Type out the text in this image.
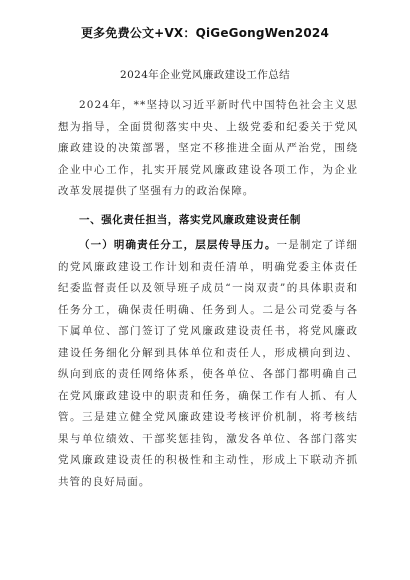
更多免费公文+VX：QiGeGongWen2024
2024年企业党风廉政建设工作总结

2024年，**坚持以习近平新时代中国特色社会主义思想为指导，全面贯彻落实中央、上级党委和纪委关于党风廉政建设的决策部署，坚定不移推进全面从严治党，围绕企业中心工作，扎实开展党风廉政建设各项工作，为企业改革发展提供了坚强有力的政治保障。

一、强化责任担当，落实党风廉政建设责任制

（一）明确责任分工，层层传导压力。一是制定了详细的党风廉政建设工作计划和责任清单，明确党委主体责任纪委监督责任以及领导班子成员“一岗双责”的具体职责和任务分工，确保责任明确、任务到人。二是公司党委与各下属单位、部门签订了党风廉政建设责任书，将党风廉政建设任务细化分解到具体单位和责任人，形成横向到边、纵向到底的责任网络体系，使各单位、各部门都明确自己在党风廉政建设中的职责和任务，确保工作有人抓、有人管。三是建立健全党风廉政建设考核评价机制，将考核结果与单位绩效、干部奖惩挂钩，激发各单位、各部门落实党风廉政建设责任的积极性和主动性，形成上下联动齐抓共管的良好局面。
